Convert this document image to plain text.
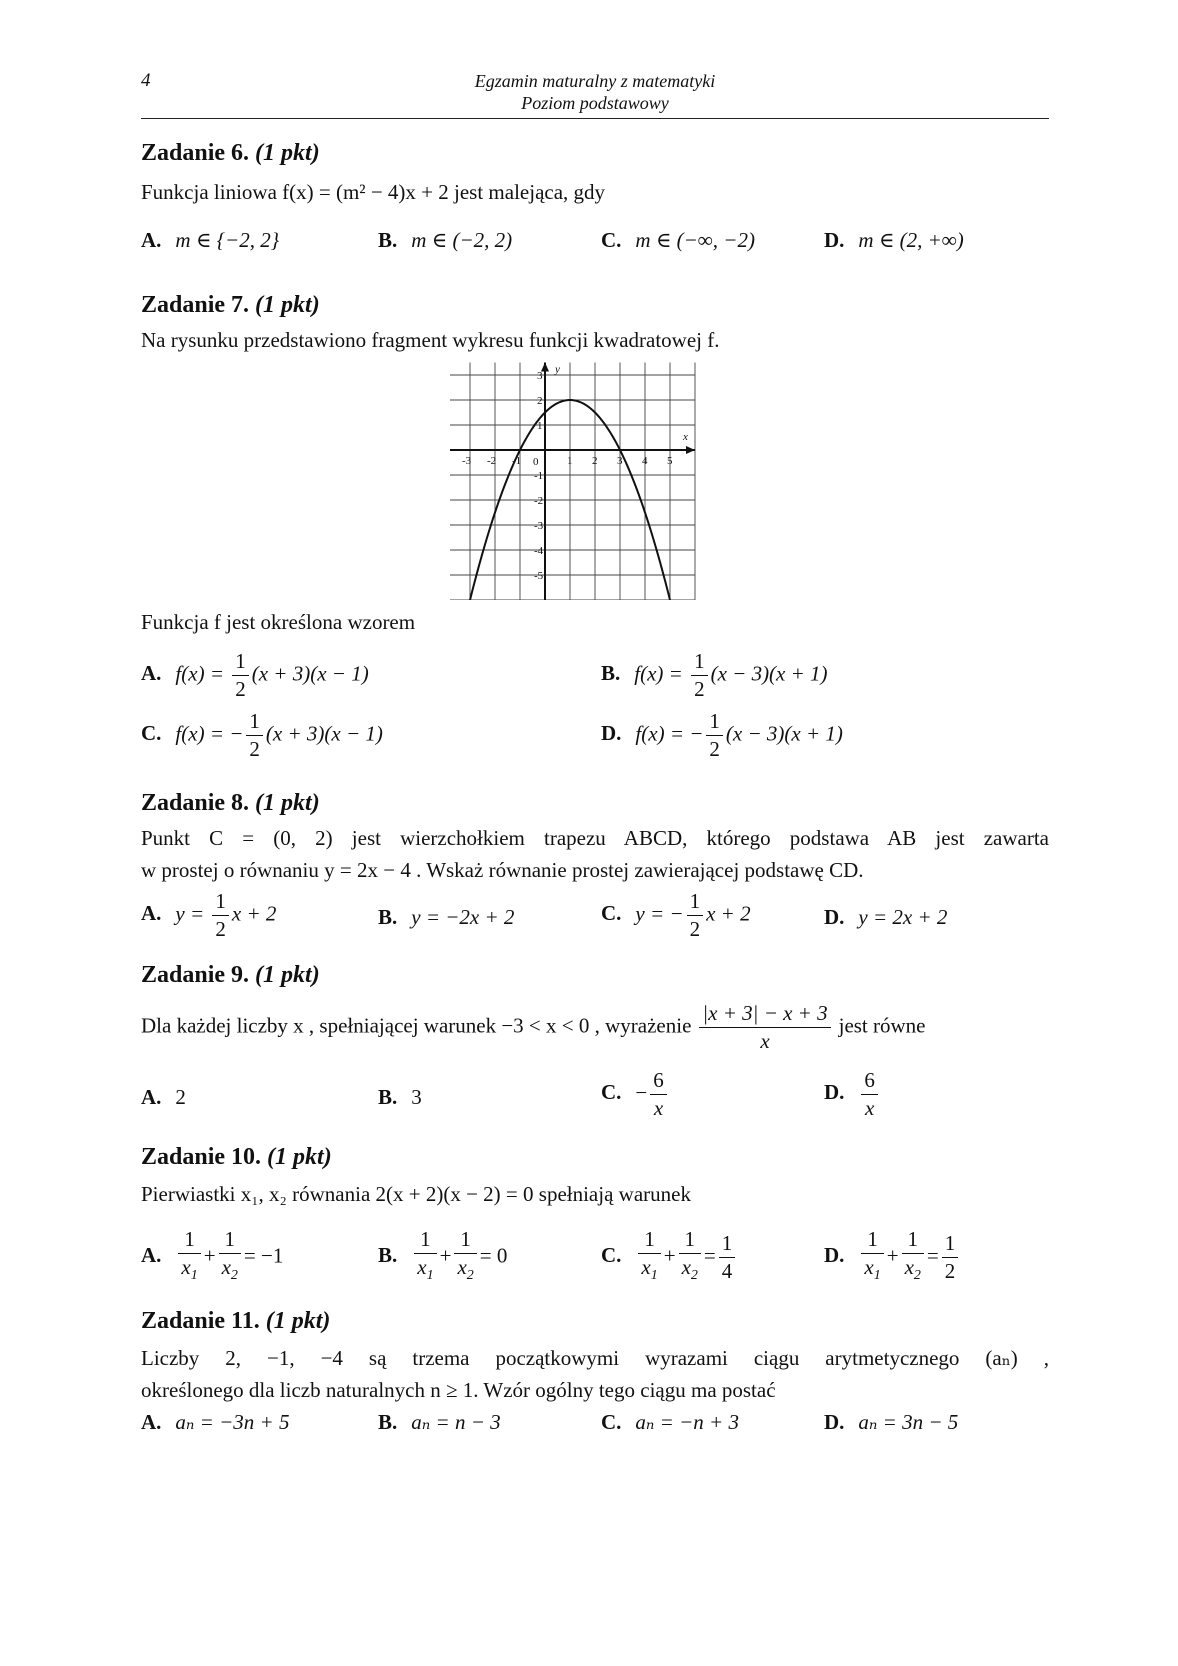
4	Egzamin maturalny z matematyki
Poziom podstawowy
Zadanie 6. (1 pkt)
Funkcja liniowa f(x) = (m² − 4)x + 2 jest malejąca, gdy
A. m ∈ {−2, 2}	B. m ∈ (−2, 2)	C. m ∈ (−∞, −2)	D. m ∈ (2, +∞)
Zadanie 7. (1 pkt)
Na rysunku przedstawiono fragment wykresu funkcji kwadratowej f.
-3 -2 -1	1 2 3 4 5
3
2
1
-1
-2
-3
-4
-5
x
y
0
Funkcja f jest określona wzorem
A. $f(x) = \frac{1}{2} (x + 3)(x - 1)$	B. $f(x) = \frac{1}{2} (x - 3)(x + 1)$
C. f(x) = − $\frac{1}{2} (x + 3)(x - 1)$	D. f(x) = − $\frac{1}{2} (x - 3)(x + 1)$
Zadanie 8. (1 pkt)
Punkt C = (0, 2) jest wierzchołkiem trapezu ABCD, którego podstawa AB jest zawarta
w prostej o równaniu y = 2x − 4 . Wskaż równanie prostej zawierającej podstawę CD.
A. $y = \frac{1}{2}$ x + 2	B. y = −2x + 2	C. y = − $\frac{1}{2}$ x + 2	D. y = 2x + 2
Zadanie 9. (1 pkt)
Dla każdej liczby x , spełniającej warunek −3 < x < 0 , wyrażenie $\frac{|x + 3| - x + 3}{x}$ jest równe
A. 2	B. 3	C. − $\frac{6}{x}$	D. $\frac{6}{x}$
Zadanie 10. (1 pkt)
Pierwiastki x₁, x₂ równania 2(x + 2)(x − 2) = 0 spełniają warunek
A. $\frac{1}{x_1} + \frac{1}{x_2} = -1$	B. $\frac{1}{x_1} + \frac{1}{x_2} = 0$	C. $\frac{1}{x_1} + \frac{1}{x_2} = \frac{1}{4}$	D. $\frac{1}{x_1} + \frac{1}{x_2} = \frac{1}{2}$
Zadanie 11. (1 pkt)
Liczby 2, −1, −4 są trzema początkowymi wyrazami ciągu arytmetycznego (aₙ) ,
określonego dla liczb naturalnych n ≥ 1. Wzór ogólny tego ciągu ma postać
A. aₙ = −3n + 5	B. aₙ = n − 3	C. aₙ = −n + 3	D. aₙ = 3n − 5
